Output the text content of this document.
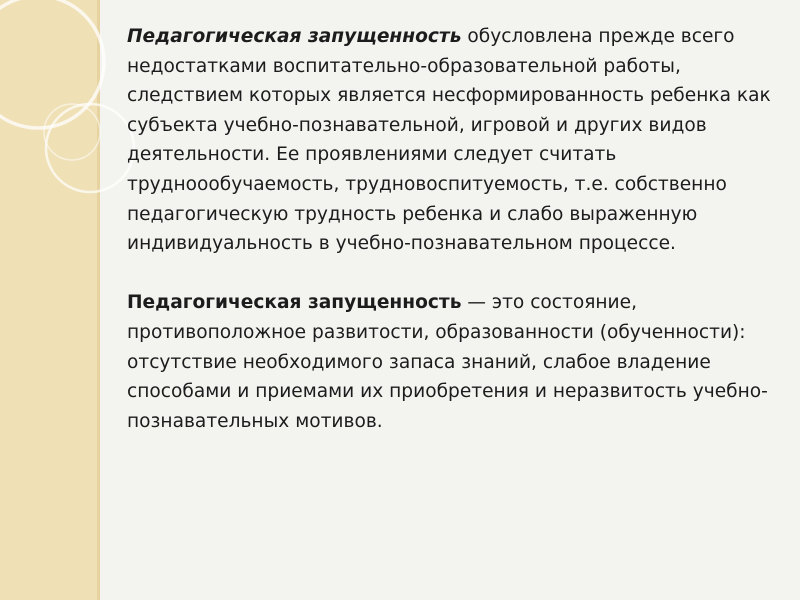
Педагогическая запущенность обусловлена прежде всего недостатками воспитательно-образовательной работы, следствием которых является несформированность ребенка как субъекта учебно-познавательной, игровой и других видов деятельности. Ее проявлениями следует считать трудноообучаемость, трудновоспитуемость, т.е. собственно педагогическую трудность ребенка и слабо выраженную индивидуальность в учебно-познавательном процессе.

Педагогическая запущенность — это состояние, противоположное развитости, образованности (обученности): отсутствие необходимого запаса знаний, слабое владение способами и приемами их приобретения и неразвитость учебно-познавательных мотивов.
